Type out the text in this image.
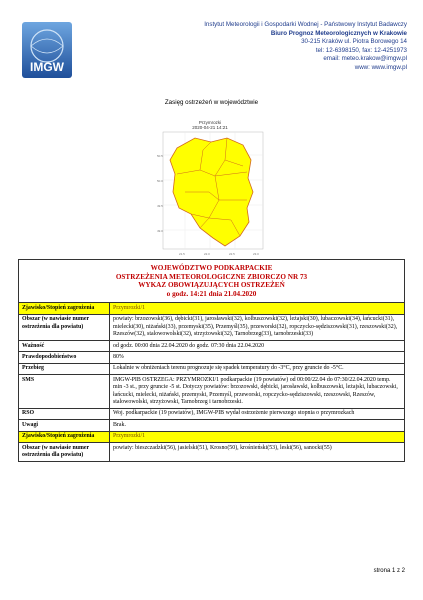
IMGW
Instytut Meteorologii i Gospodarki Wodnej - Państwowy Instytut Badawczy
Biuro Prognoz Meteorologicznych w Krakowie
30-215 Kraków ul. Piotra Borowego 14
tel: 12-6398150, fax: 12-4251973
email: meteo.krakow@imgw.pl
www: www.imgw.pl
Zasięg ostrzeżeń w województwie
Przymrozki
2020-04-21 14:21
50.5
50.0
49.5
49.0
21.5	22.0	22.5	23.0
WOJEWÓDZTWO PODKARPACKIE
OSTRZEŻENIA METEOROLOGICZNE ZBIORCZO NR 73
WYKAZ OBOWIĄZUJĄCYCH OSTRZEŻEŃ
o godz. 14:21 dnia 21.04.2020	

Zjawisko/Stopień zagrożenia	Przymrozki/1
Obszar (w nawiasie numer ostrzeżenia dla powiatu)	powiaty: brzozowski(36), dębicki(31), jarosławski(32), kolbuszowski(32), leżajski(30), lubaczowski(34), łańcucki(31), mielecki(30), niżański(33), przemyski(35), Przemyśl(35), przeworski(32), ropczycko-sędziszowski(31), rzeszowski(32), Rzeszów(32), stalowowolski(32), strzyżowski(32), Tarnobrzeg(33), tarnobrzeski(33)
Ważność	od godz. 00:00 dnia 22.04.2020 do godz. 07:30 dnia 22.04.2020
Prawdopodobieństwo	80%
Przebieg	Lokalnie w obniżeniach terenu prognozuje się spadek temperatury do -3°C, przy gruncie do -5°C.
SMS	IMGW-PIB OSTRZEGA: PRZYMROZKI/1 podkarpackie (19 powiatów) od 00:00/22.04 do 07:30/22.04.2020 temp. min -3 st., przy gruncie -5 st. Dotyczy powiatów: brzozowski, dębicki, jarosławski, kolbuszowski, leżajski, lubaczowski, łańcucki, mielecki, niżański, przemyski, Przemyśl, przeworski, ropczycko-sędziszowski, rzeszowski, Rzeszów, stalowowolski, strzyżowski, Tarnobrzeg i tarnobrzeski.
RSO	Woj. podkarpackie (19 powiatów), IMGW-PIB wydał ostrzeżenie pierwszego stopnia o przymrozkach
Uwagi	Brak.
Zjawisko/Stopień zagrożenia	Przymrozki/1
Obszar (w nawiasie numer ostrzeżenia dla powiatu)	powiaty: bieszczadzki(56), jasielski(51), Krosno(50), krośnieński(53), leski(56), sanocki(55)
strona 1 z 2
